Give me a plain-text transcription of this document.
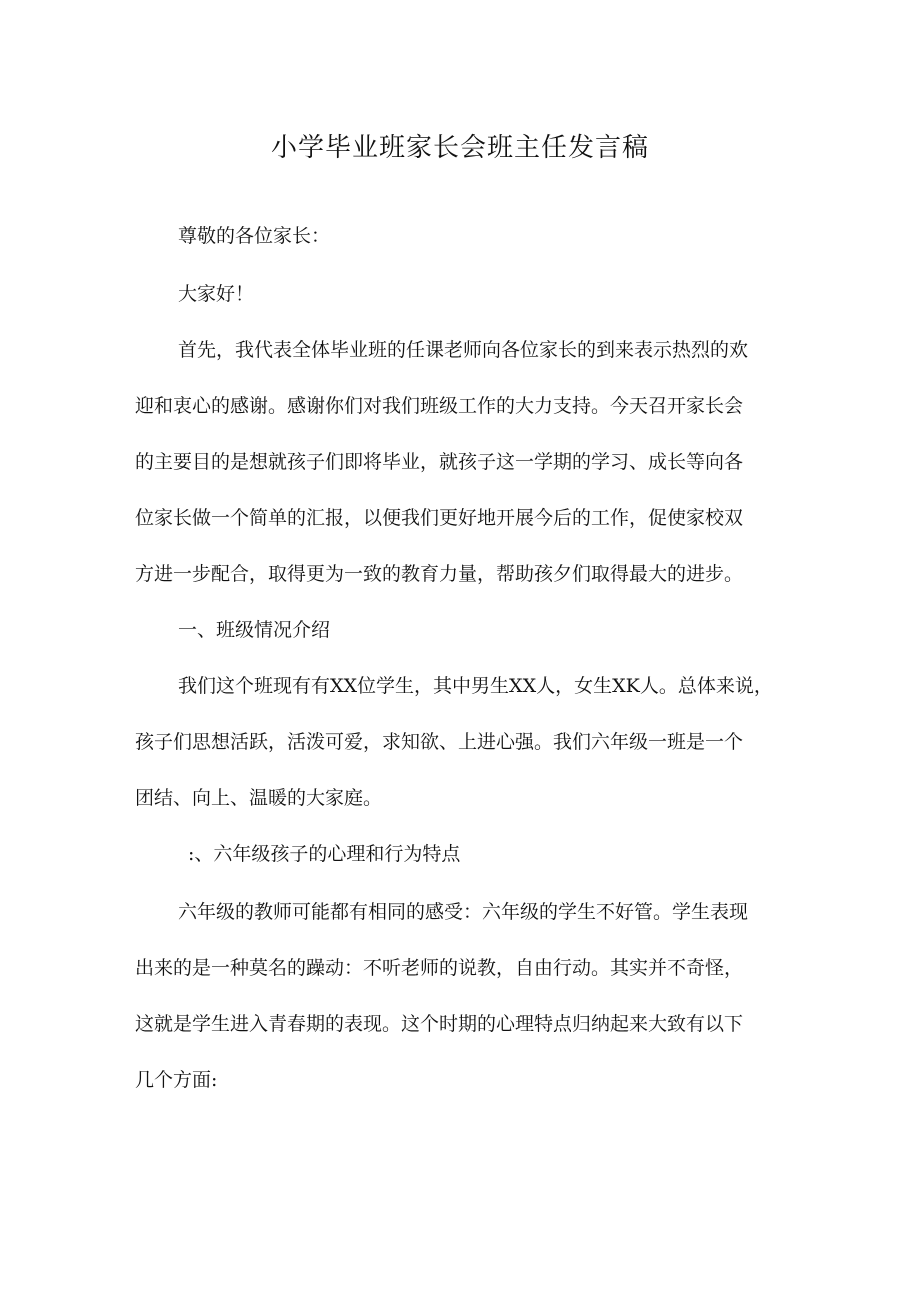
小学毕业班家长会班主任发言稿

尊敬的各位家长：

大家好！

首先，我代表全体毕业班的任课老师向各位家长的到来表示热烈的欢

迎和衷心的感谢。感谢你们对我们班级工作的大力支持。今天召开家长会

的主要目的是想就孩子们即将毕业，就孩子这一学期的学习、成长等向各

位家长做一个简单的汇报，以便我们更好地开展今后的工作，促使家校双

方进一步配合，取得更为一致的教育力量，帮助孩夕们取得最大的进步。

一、班级情况介绍

我们这个班现有有XX位学生，其中男生XX人，女生XK人。总体来说，

孩子们思想活跃，活泼可爱，求知欲、上进心强。我们六年级一班是一个

团结、向上、温暖的大家庭。

:、六年级孩子的心理和行为特点

六年级的教师可能都有相同的感受：六年级的学生不好管。学生表现

出来的是一种莫名的躁动：不听老师的说教，自由行动。其实并不奇怪，

这就是学生进入青春期的表现。这个时期的心理特点归纳起来大致有以下

几个方面:
